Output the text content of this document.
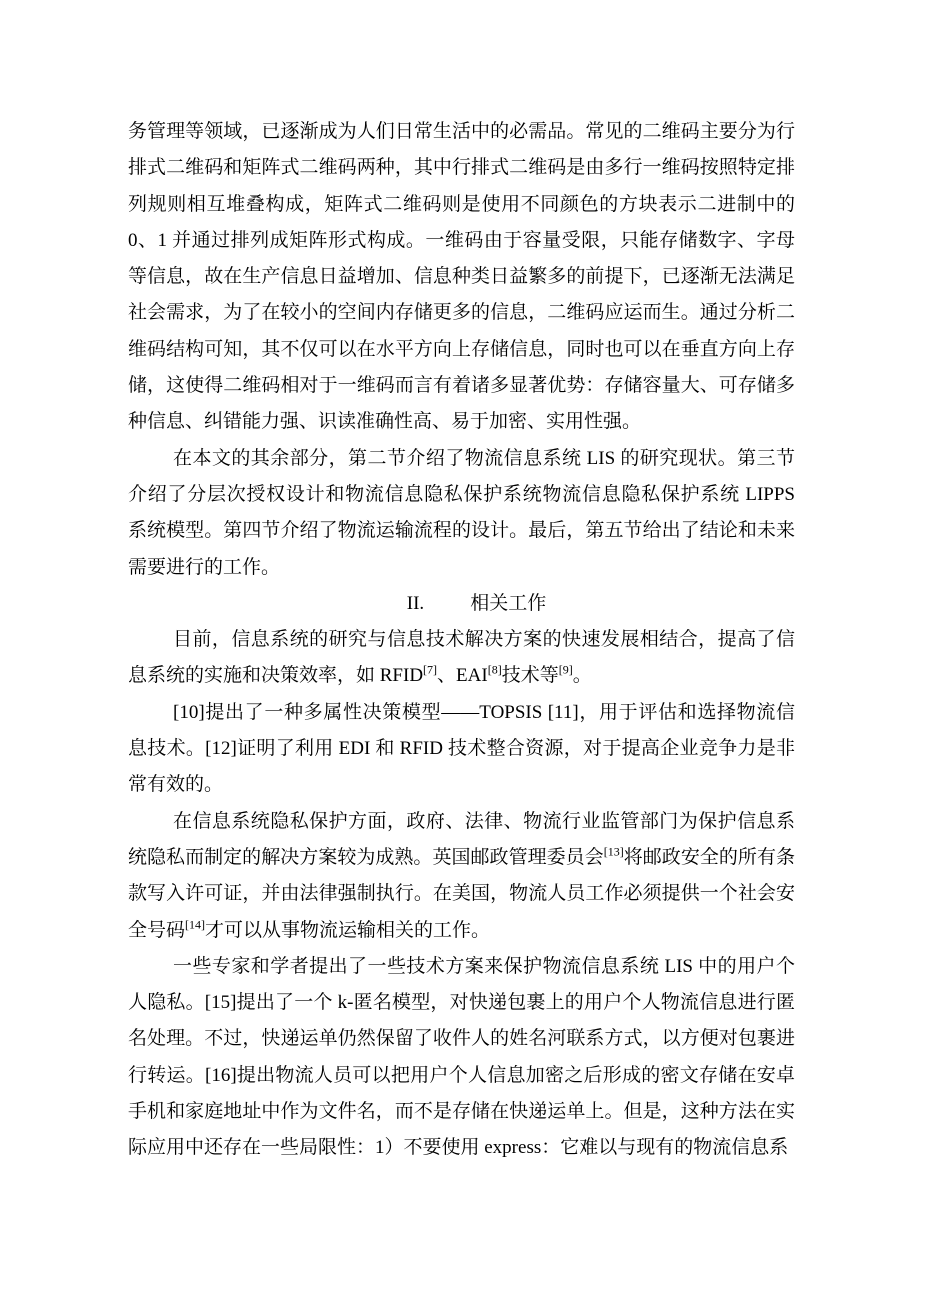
务管理等领域，已逐渐成为人们日常生活中的必需品。常见的二维码主要分为行排式二维码和矩阵式二维码两种，其中行排式二维码是由多行一维码按照特定排列规则相互堆叠构成，矩阵式二维码则是使用不同颜色的方块表示二进制中的 0、1 并通过排列成矩阵形式构成。一维码由于容量受限，只能存储数字、字母等信息，故在生产信息日益增加、信息种类日益繁多的前提下，已逐渐无法满足社会需求，为了在较小的空间内存储更多的信息，二维码应运而生。通过分析二维码结构可知，其不仅可以在水平方向上存储信息，同时也可以在垂直方向上存储，这使得二维码相对于一维码而言有着诸多显著优势：存储容量大、可存储多种信息、纠错能力强、识读准确性高、易于加密、实用性强。

在本文的其余部分，第二节介绍了物流信息系统 LIS 的研究现状。第三节介绍了分层次授权设计和物流信息隐私保护系统物流信息隐私保护系统 LIPPS 系统模型。第四节介绍了物流运输流程的设计。最后，第五节给出了结论和未来需要进行的工作。

II. 相关工作

目前，信息系统的研究与信息技术解决方案的快速发展相结合，提高了信息系统的实施和决策效率，如 RFID[7]、EAI[8]技术等[9]。

[10]提出了一种多属性决策模型——TOPSIS [11]，用于评估和选择物流信息技术。[12]证明了利用 EDI 和 RFID 技术整合资源，对于提高企业竞争力是非常有效的。

在信息系统隐私保护方面，政府、法律、物流行业监管部门为保护信息系统隐私而制定的解决方案较为成熟。英国邮政管理委员会[13]将邮政安全的所有条款写入许可证，并由法律强制执行。在美国，物流人员工作必须提供一个社会安全号码[14]才可以从事物流运输相关的工作。

一些专家和学者提出了一些技术方案来保护物流信息系统 LIS 中的用户个人隐私。[15]提出了一个 k-匿名模型，对快递包裹上的用户个人物流信息进行匿名处理。不过，快递运单仍然保留了收件人的姓名河联系方式，以方便对包裹进行转运。[16]提出物流人员可以把用户个人信息加密之后形成的密文存储在安卓手机和家庭地址中作为文件名，而不是存储在快递运单上。但是，这种方法在实际应用中还存在一些局限性：1）不要使用 express：它难以与现有的物流信息系
